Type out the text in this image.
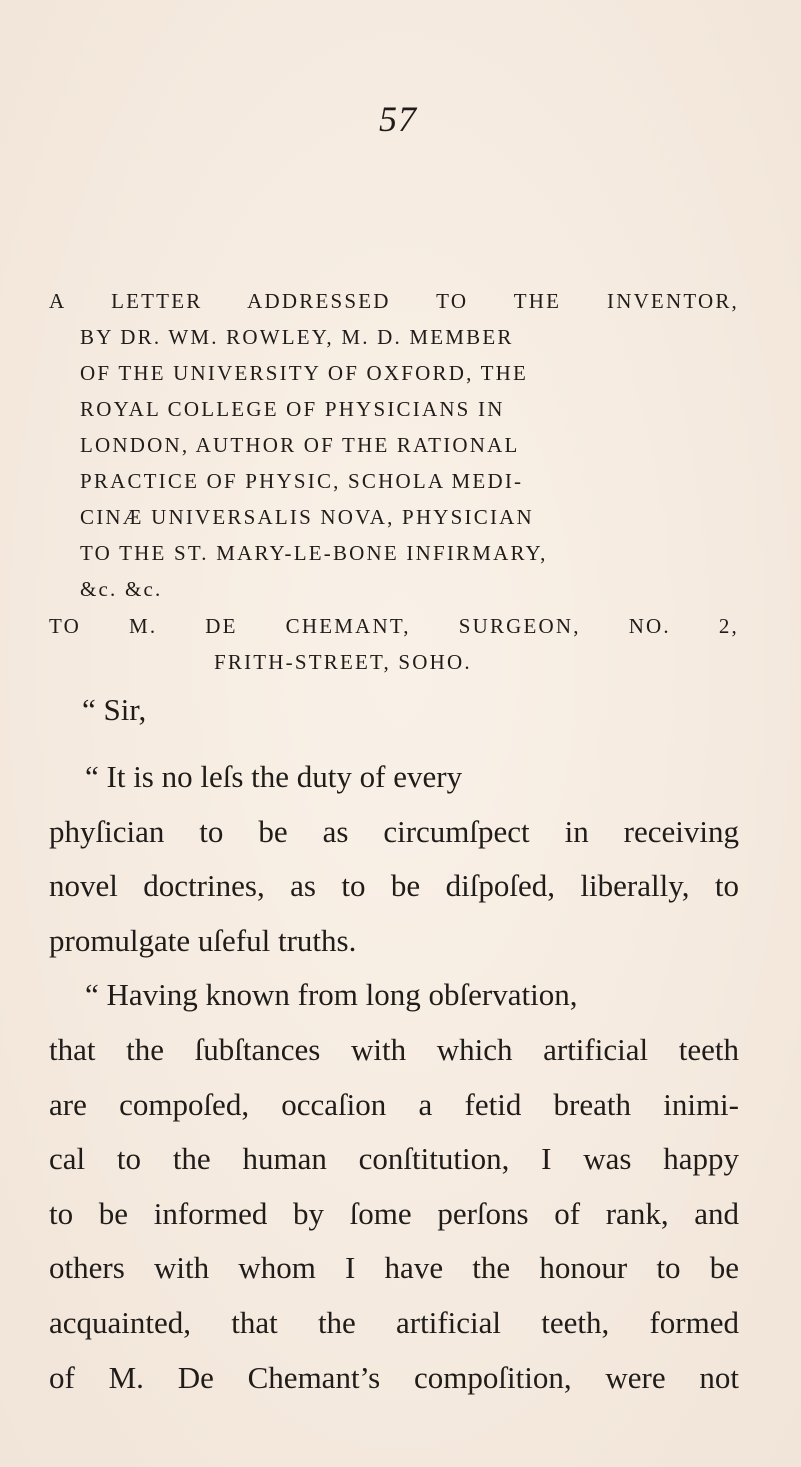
57
A LETTER ADDRESSED TO THE INVENTOR,
BY DR. WM. ROWLEY, M. D. MEMBER
OF THE UNIVERSITY OF OXFORD, THE
ROYAL COLLEGE OF PHYSICIANS IN
LONDON, AUTHOR OF THE RATIONAL
PRACTICE OF PHYSIC, SCHOLA MEDI-
CINÆ UNIVERSALIS NOVA, PHYSICIAN
TO THE ST. MARY-LE-BONE INFIRMARY,
&c. &c.
TO M. DE CHEMANT, SURGEON, NO. 2,
FRITH-STREET, SOHO.
“ Sir,
“ It is no leſs the duty of every
phyſician to be as circumſpect in receiving
novel doctrines, as to be diſpoſed, liberally, to
promulgate uſeful truths.
“ Having known from long obſervation,
that the ſubſtances with which artificial teeth
are compoſed, occaſion a fetid breath inimi-
cal to the human conſtitution, I was happy
to be informed by ſome perſons of rank, and
others with whom I have the honour to be
acquainted, that the artificial teeth, formed
of M. De Chemant’s compoſition, were not
